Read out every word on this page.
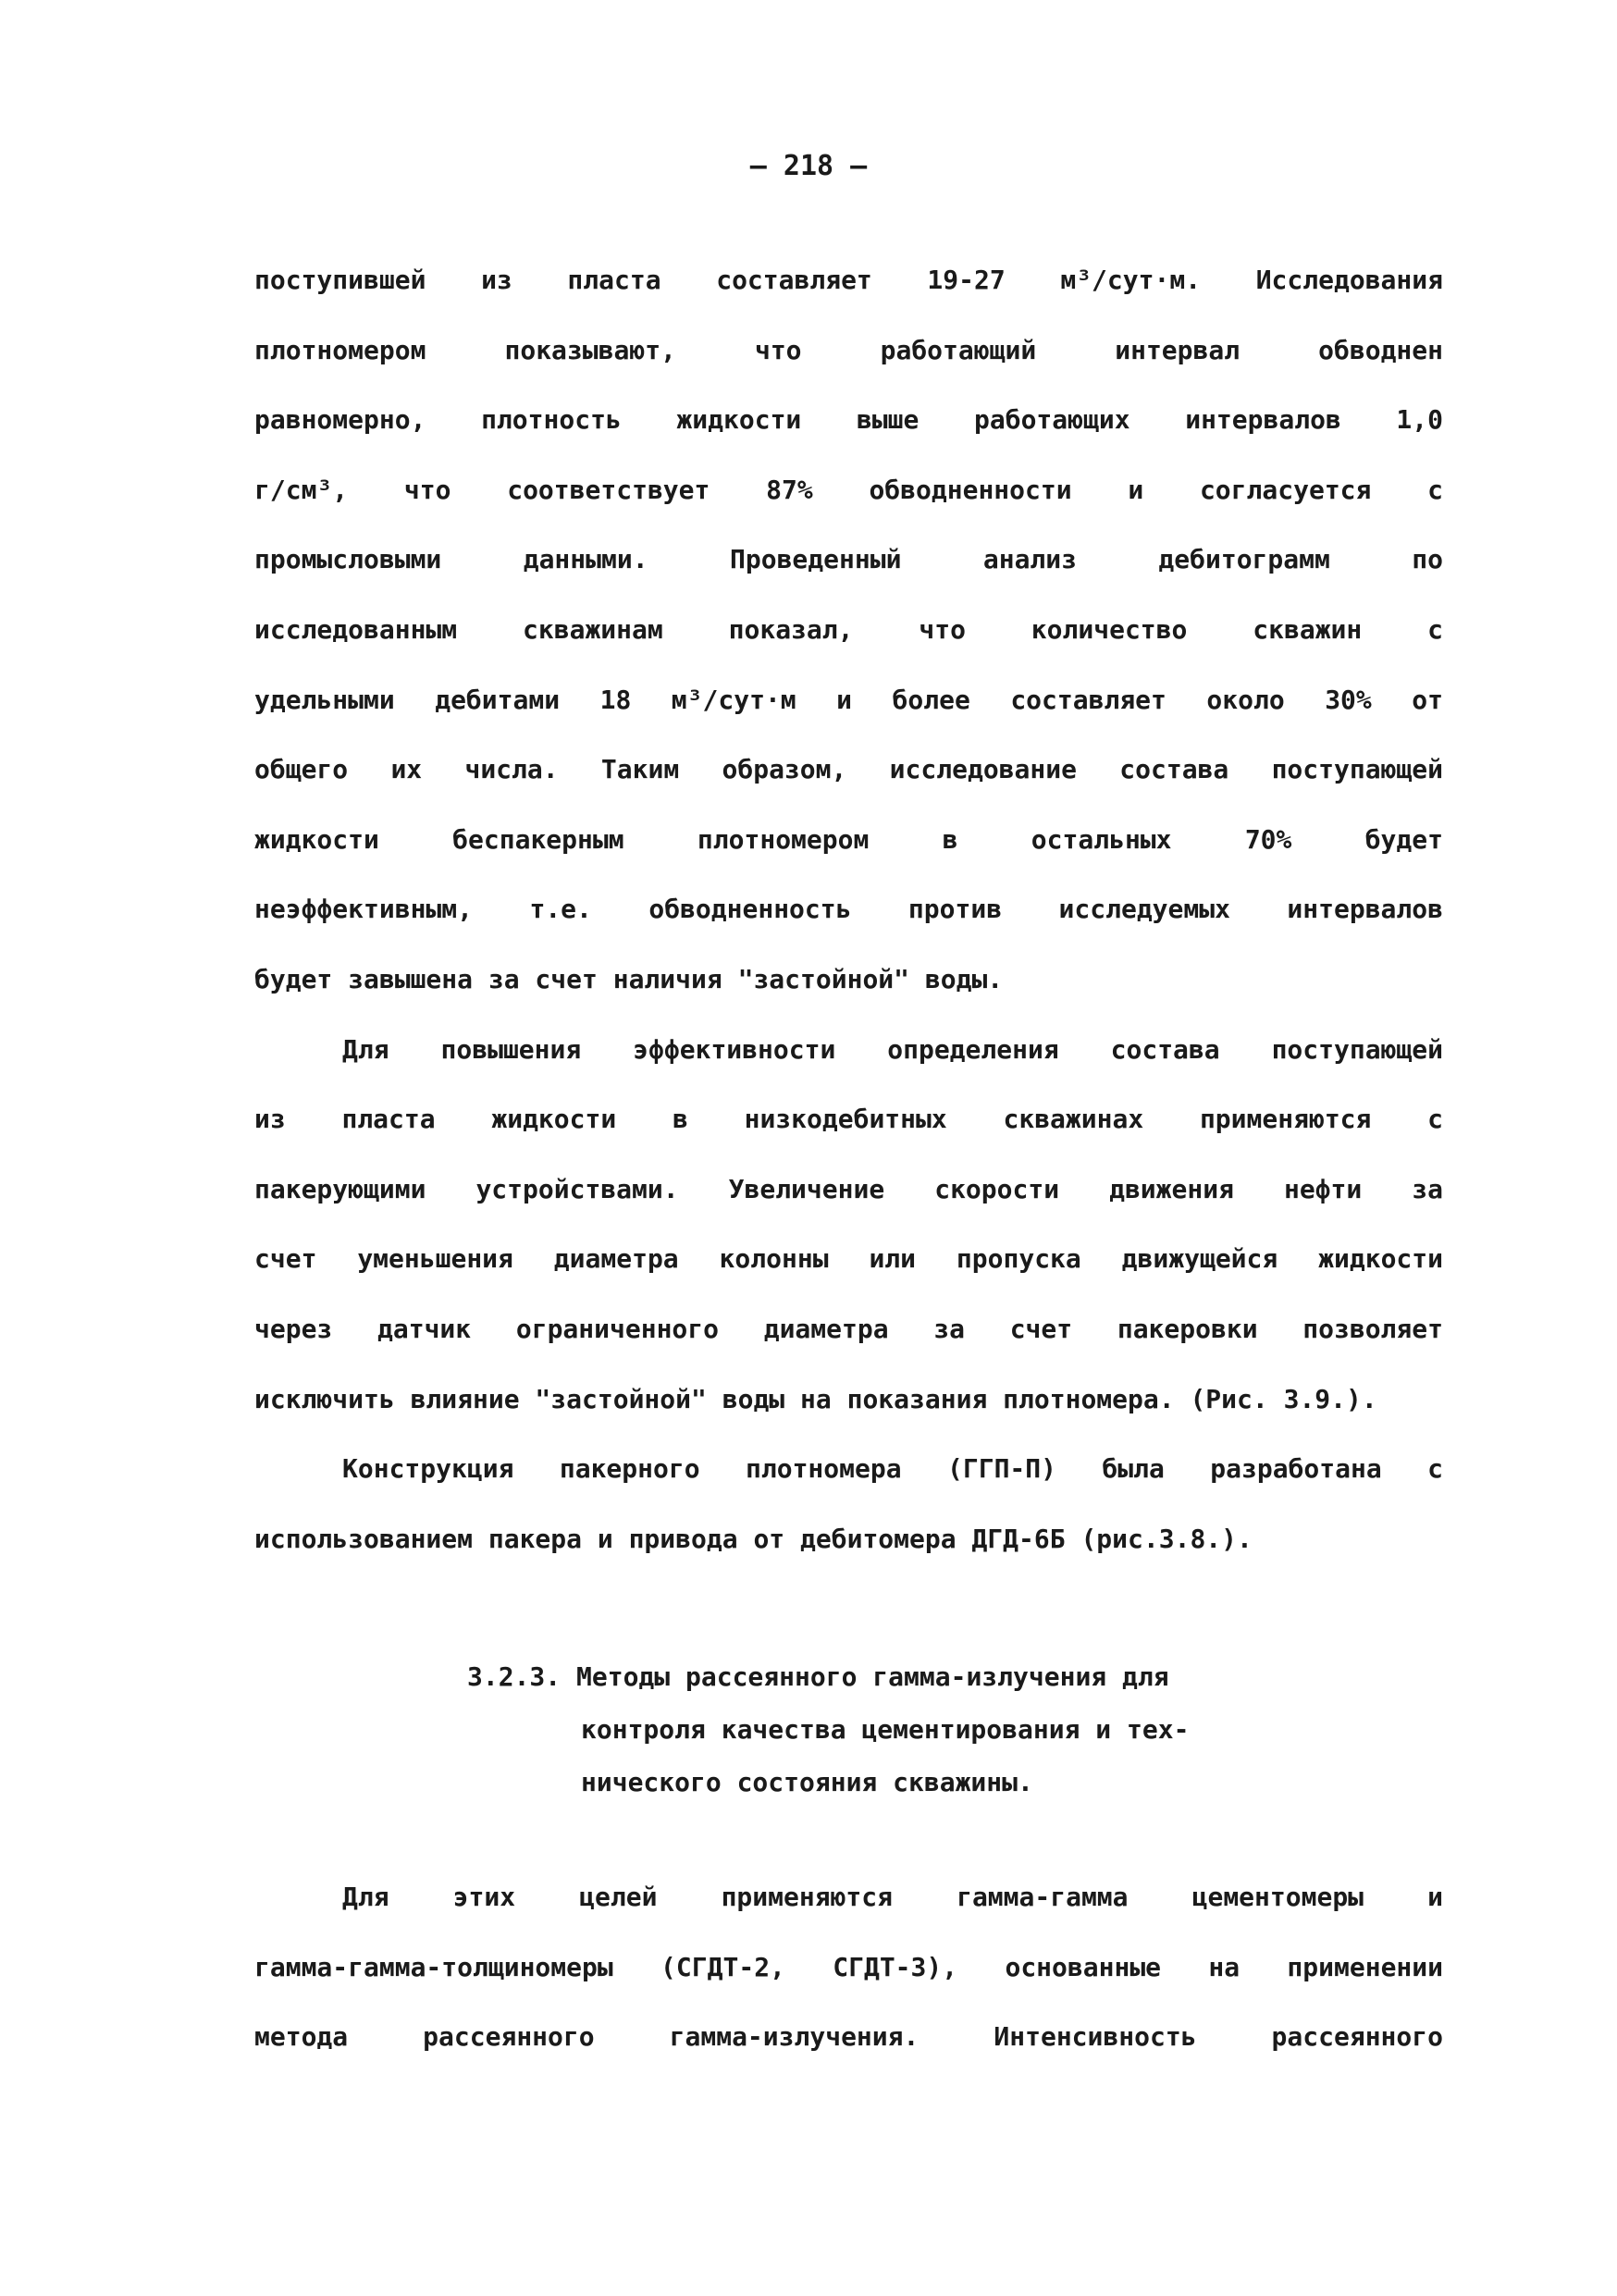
– 218 –
поступившей из пласта составляет 19-27 м³/сут·м. Исследования
плотномером показывают, что работающий интервал обводнен
равномерно, плотность жидкости выше работающих интервалов 1,0
г/см³, что соответствует 87% обводненности и согласуется с
промысловыми данными. Проведенный анализ дебитограмм по
исследованным скважинам показал, что количество скважин с
удельными дебитами 18 м³/сут·м и более составляет около 30% от
общего их числа. Таким образом, исследование состава поступающей
жидкости беспакерным плотномером в остальных 70% будет
неэффективным, т.е. обводненность против исследуемых интервалов
будет завышена за счет наличия "застойной" воды.
Для повышения эффективности определения состава поступающей
из пласта жидкости в низкодебитных скважинах применяются с
пакерующими устройствами. Увеличение скорости движения нефти за
счет уменьшения диаметра колонны или пропуска движущейся жидкости
через датчик ограниченного диаметра за счет пакеровки позволяет
исключить влияние "застойной" воды на показания плотномера. (Рис. 3.9.).
Конструкция пакерного плотномера (ГГП-П) была разработана с
использованием пакера и привода от дебитомера ДГД-6Б (рис.3.8.).
3.2.3. Методы рассеянного гамма-излучения для
контроля качества цементирования и тех-
нического состояния скважины.
Для этих целей применяются гамма-гамма цементомеры и
гамма-гамма-толщиномеры (СГДТ-2, СГДТ-3), основанные на применении
метода рассеянного гамма-излучения. Интенсивность рассеянного
